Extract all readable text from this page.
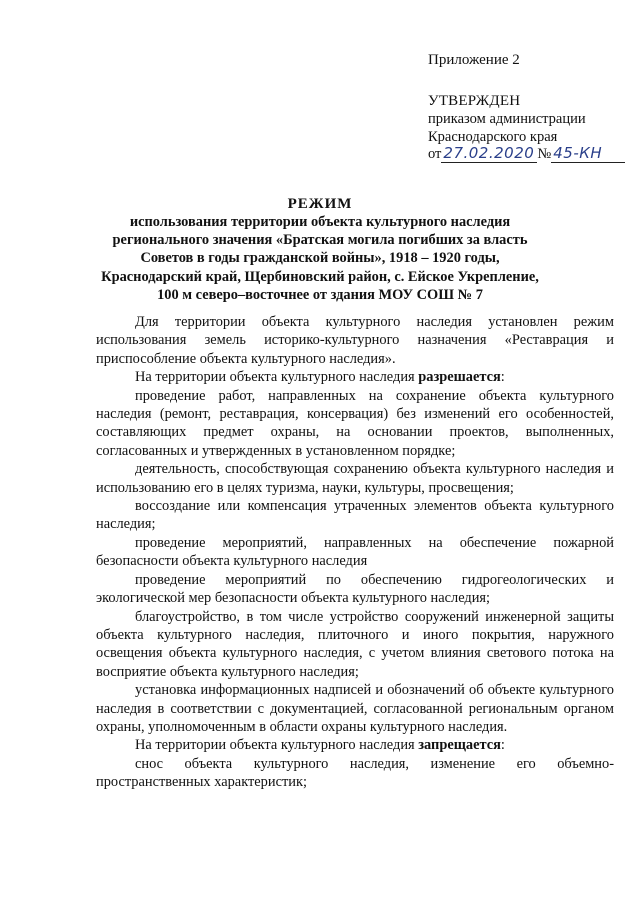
Приложение 2
УТВЕРЖДЕН
приказом администрации
Краснодарского края
от 27.02.2020 № 45-КН
РЕЖИМ
использования территории объекта культурного наследия регионального значения «Братская могила погибших за власть Советов в годы гражданской войны», 1918 – 1920 годы, Краснодарский край, Щербиновский район, с. Ейское Укрепление, 100 м северо–восточнее от здания МОУ СОШ № 7

Для территории объекта культурного наследия установлен режим использования земель историко-культурного назначения «Реставрация и приспособление объекта культурного наследия».

На территории объекта культурного наследия разрешается:

проведение работ, направленных на сохранение объекта культурного наследия (ремонт, реставрация, консервация) без изменений его особенностей, составляющих предмет охраны, на основании проектов, выполненных, согласованных и утвержденных в установленном порядке;

деятельность, способствующая сохранению объекта культурного наследия и использованию его в целях туризма, науки, культуры, просвещения;

воссоздание или компенсация утраченных элементов объекта культурного наследия;

проведение мероприятий, направленных на обеспечение пожарной безопасности объекта культурного наследия

проведение мероприятий по обеспечению гидрогеологических и экологической мер безопасности объекта культурного наследия;

благоустройство, в том числе устройство сооружений инженерной защиты объекта культурного наследия, плиточного и иного покрытия, наружного освещения объекта культурного наследия, с учетом влияния светового потока на восприятие объекта культурного наследия;

установка информационных надписей и обозначений об объекте культурного наследия в соответствии с документацией, согласованной региональным органом охраны, уполномоченным в области охраны культурного наследия.

На территории объекта культурного наследия запрещается:

снос объекта культурного наследия, изменение его объемно-пространственных характеристик;
